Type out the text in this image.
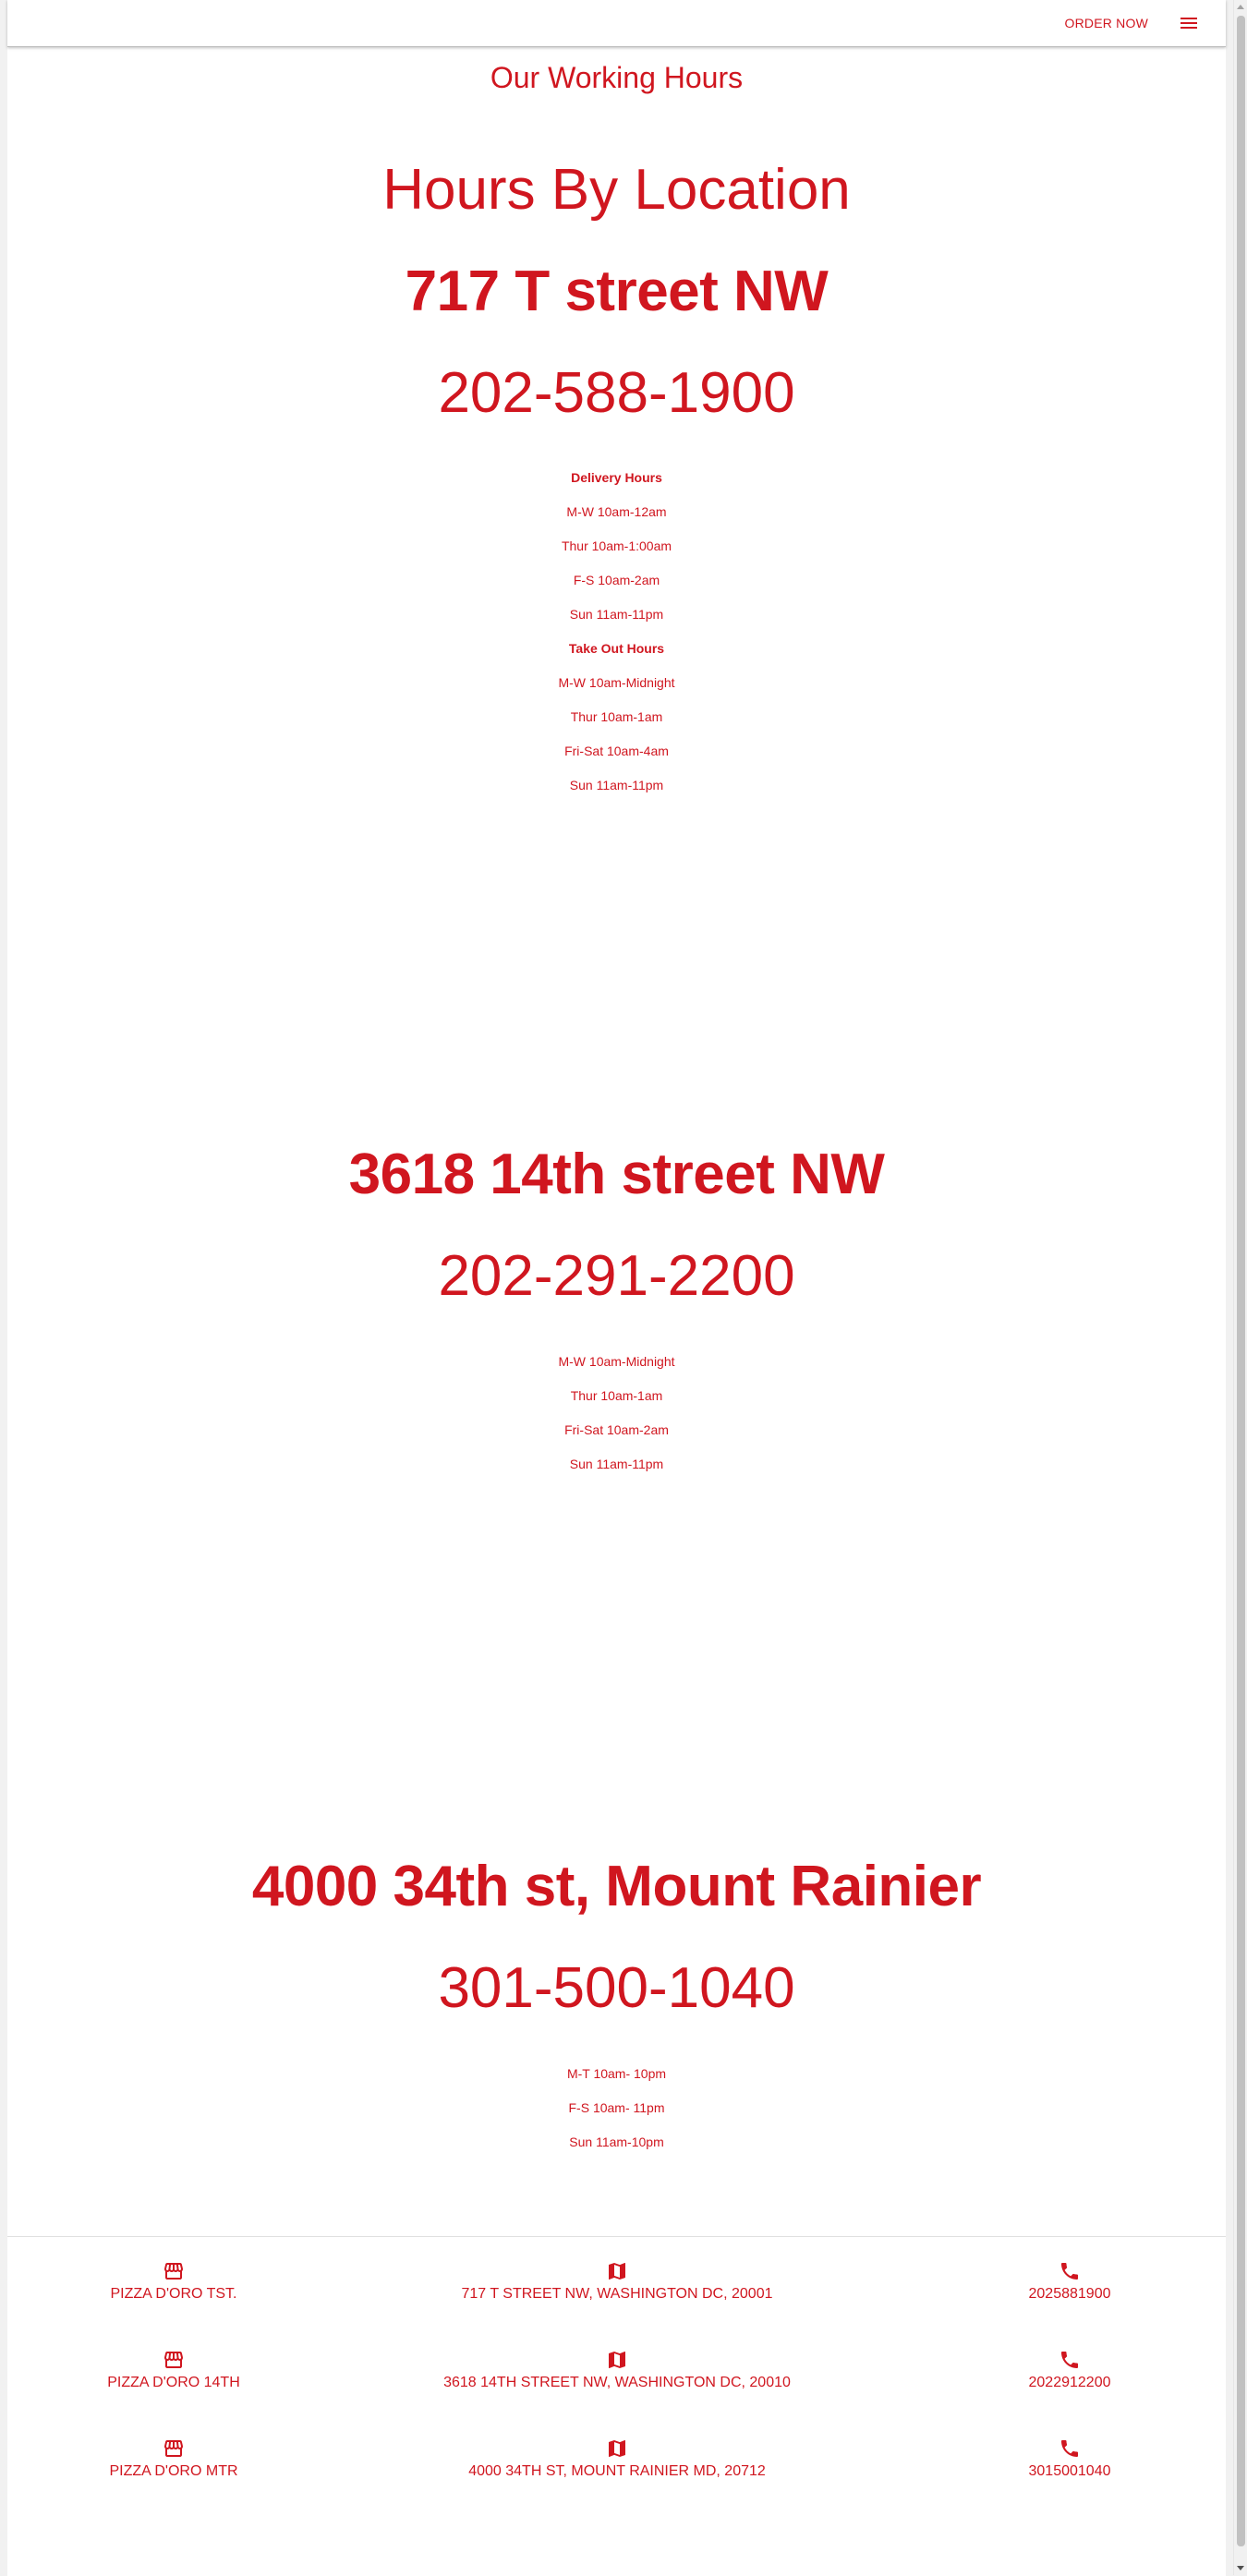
ORDER NOW
Our Working Hours
Hours By Location
717 T street NW
202-588-1900
Delivery Hours
M-W 10am-12am
Thur 10am-1:00am
F-S 10am-2am
Sun 11am-11pm
Take Out Hours
M-W 10am-Midnight
Thur 10am-1am
Fri-Sat 10am-4am
Sun 11am-11pm
3618 14th street NW
202-291-2200
M-W 10am-Midnight
Thur 10am-1am
Fri-Sat 10am-2am
Sun 11am-11pm
4000 34th st, Mount Rainier
301-500-1040
M-T 10am- 10pm
F-S 10am- 11pm
Sun 11am-10pm
PIZZA D'ORO TST.	717 T STREET NW, WASHINGTON DC, 20001	2025881900
PIZZA D'ORO 14TH	3618 14TH STREET NW, WASHINGTON DC, 20010	2022912200
PIZZA D'ORO MTR	4000 34TH ST, MOUNT RAINIER MD, 20712	3015001040
